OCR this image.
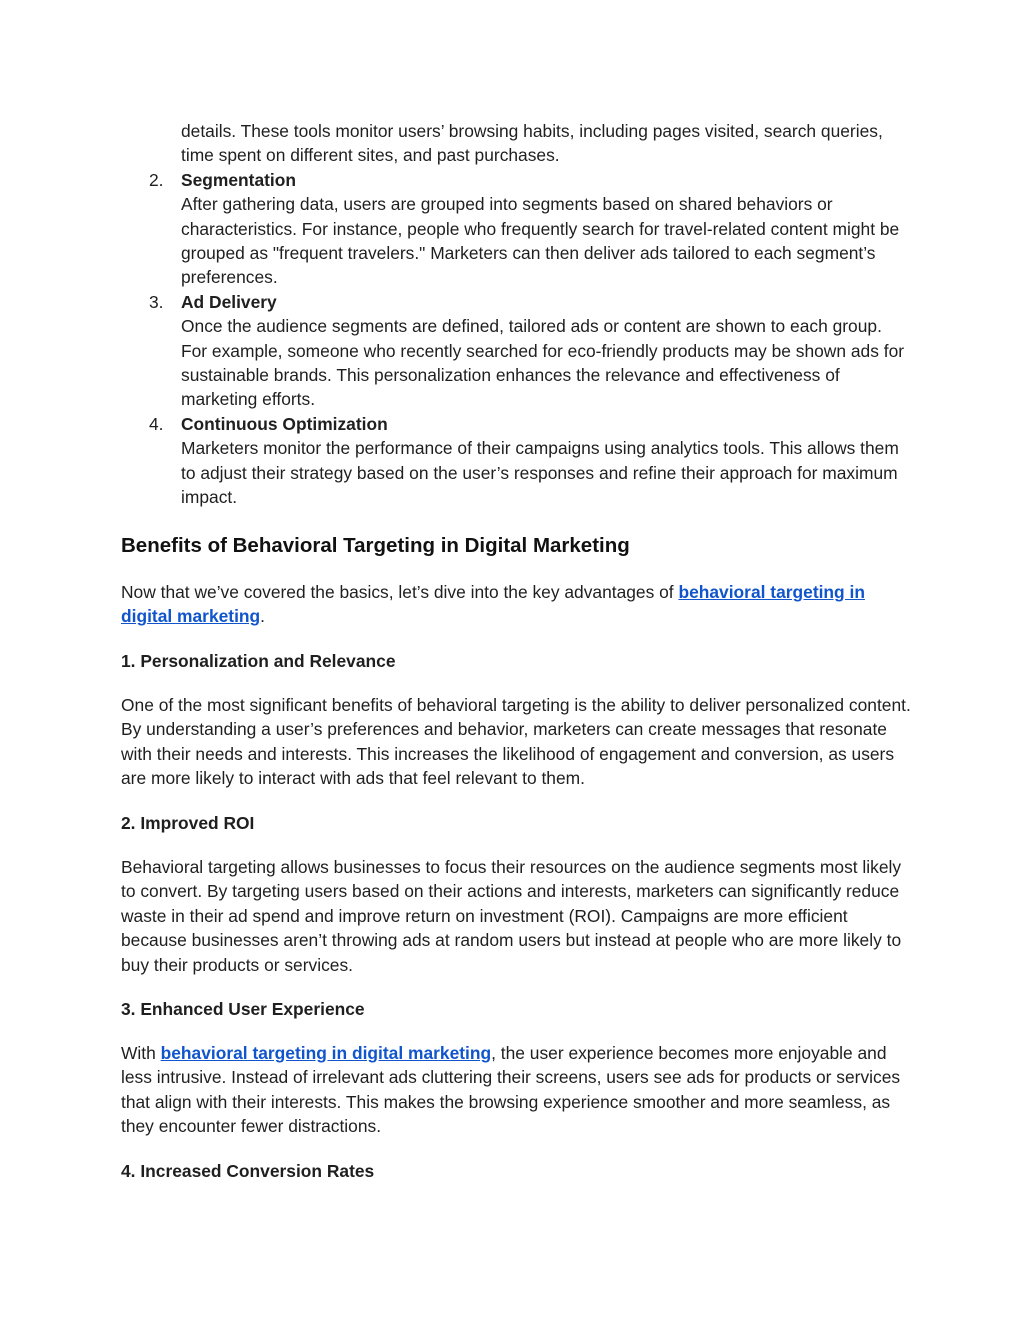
details. These tools monitor users’ browsing habits, including pages visited, search queries, time spent on different sites, and past purchases.
2. Segmentation
After gathering data, users are grouped into segments based on shared behaviors or characteristics. For instance, people who frequently search for travel-related content might be grouped as "frequent travelers." Marketers can then deliver ads tailored to each segment’s preferences.
3. Ad Delivery
Once the audience segments are defined, tailored ads or content are shown to each group. For example, someone who recently searched for eco-friendly products may be shown ads for sustainable brands. This personalization enhances the relevance and effectiveness of marketing efforts.
4. Continuous Optimization
Marketers monitor the performance of their campaigns using analytics tools. This allows them to adjust their strategy based on the user’s responses and refine their approach for maximum impact.
Benefits of Behavioral Targeting in Digital Marketing

Now that we’ve covered the basics, let’s dive into the key advantages of behavioral targeting in digital marketing.

1. Personalization and Relevance

One of the most significant benefits of behavioral targeting is the ability to deliver personalized content. By understanding a user’s preferences and behavior, marketers can create messages that resonate with their needs and interests. This increases the likelihood of engagement and conversion, as users are more likely to interact with ads that feel relevant to them.

2. Improved ROI

Behavioral targeting allows businesses to focus their resources on the audience segments most likely to convert. By targeting users based on their actions and interests, marketers can significantly reduce waste in their ad spend and improve return on investment (ROI). Campaigns are more efficient because businesses aren’t throwing ads at random users but instead at people who are more likely to buy their products or services.

3. Enhanced User Experience

With behavioral targeting in digital marketing, the user experience becomes more enjoyable and less intrusive. Instead of irrelevant ads cluttering their screens, users see ads for products or services that align with their interests. This makes the browsing experience smoother and more seamless, as they encounter fewer distractions.

4. Increased Conversion Rates
